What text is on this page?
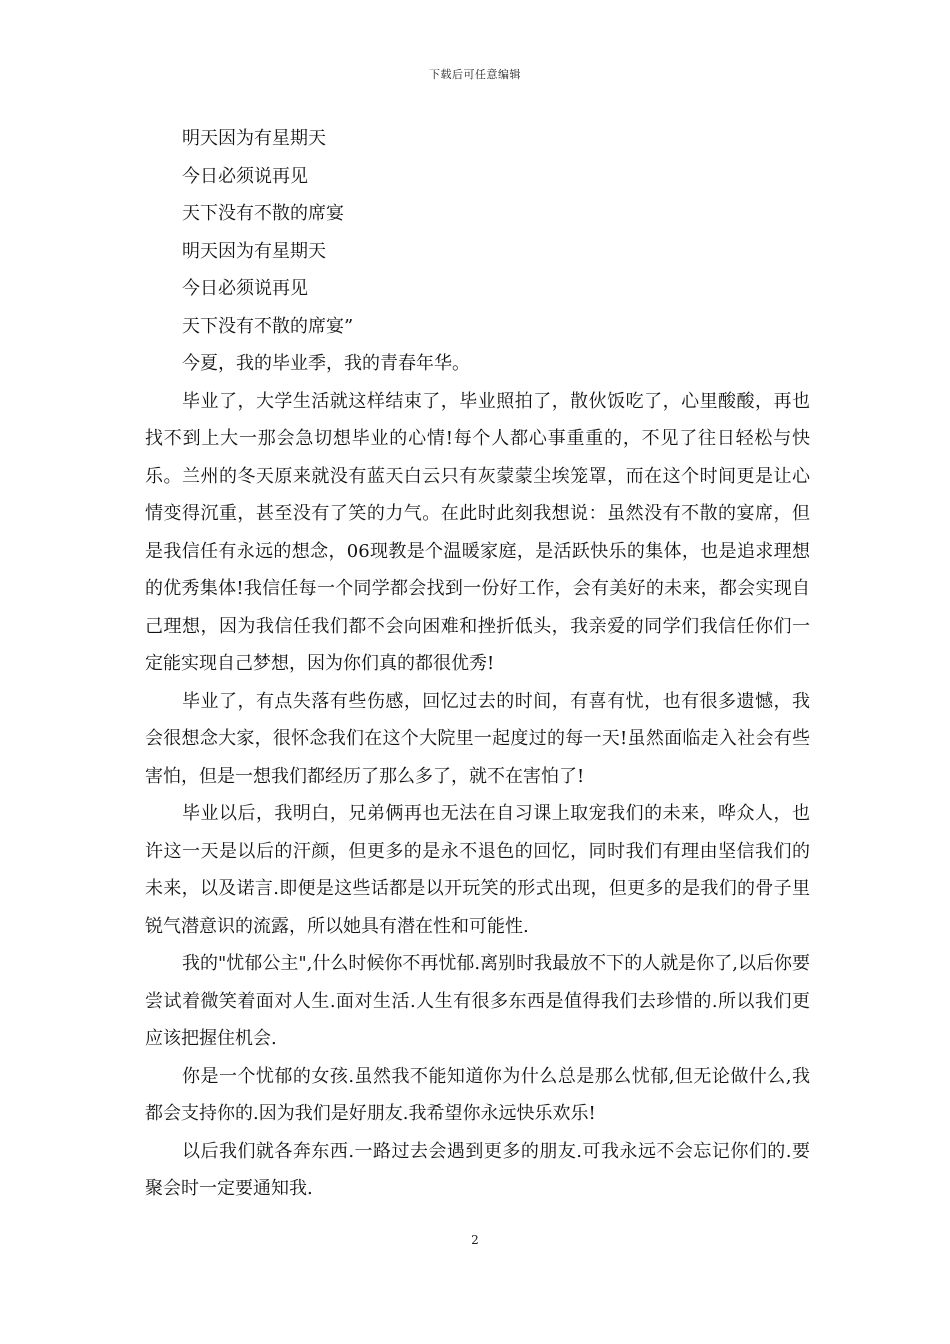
下载后可任意编辑

明天因为有星期天

今日必须说再见

天下没有不散的席宴

明天因为有星期天

今日必须说再见

天下没有不散的席宴”

今夏，我的毕业季，我的青春年华。

毕业了，大学生活就这样结束了，毕业照拍了，散伙饭吃了，心里酸酸，再也找不到上大一那会急切想毕业的心情!每个人都心事重重的，不见了往日轻松与快乐。兰州的冬天原来就没有蓝天白云只有灰蒙蒙尘埃笼罩，而在这个时间更是让心情变得沉重，甚至没有了笑的力气。在此时此刻我想说：虽然没有不散的宴席，但是我信任有永远的想念，06现教是个温暖家庭，是活跃快乐的集体，也是追求理想的优秀集体!我信任每一个同学都会找到一份好工作，会有美好的未来，都会实现自己理想，因为我信任我们都不会向困难和挫折低头，我亲爱的同学们我信任你们一定能实现自己梦想，因为你们真的都很优秀!

毕业了，有点失落有些伤感，回忆过去的时间，有喜有忧，也有很多遗憾，我会很想念大家，很怀念我们在这个大院里一起度过的每一天!虽然面临走入社会有些害怕，但是一想我们都经历了那么多了，就不在害怕了!

毕业以后，我明白，兄弟俩再也无法在自习课上取宠我们的未来，哗众人，也许这一天是以后的汗颜，但更多的是永不退色的回忆，同时我们有理由坚信我们的未来，以及诺言.即便是这些话都是以开玩笑的形式出现，但更多的是我们的骨子里锐气潜意识的流露，所以她具有潜在性和可能性.

我的"忧郁公主",什么时候你不再忧郁.离别时我最放不下的人就是你了,以后你要尝试着微笑着面对人生.面对生活.人生有很多东西是值得我们去珍惜的.所以我们更应该把握住机会.

你是一个忧郁的女孩.虽然我不能知道你为什么总是那么忧郁,但无论做什么,我都会支持你的.因为我们是好朋友.我希望你永远快乐欢乐!

以后我们就各奔东西.一路过去会遇到更多的朋友.可我永远不会忘记你们的.要聚会时一定要通知我.

2
